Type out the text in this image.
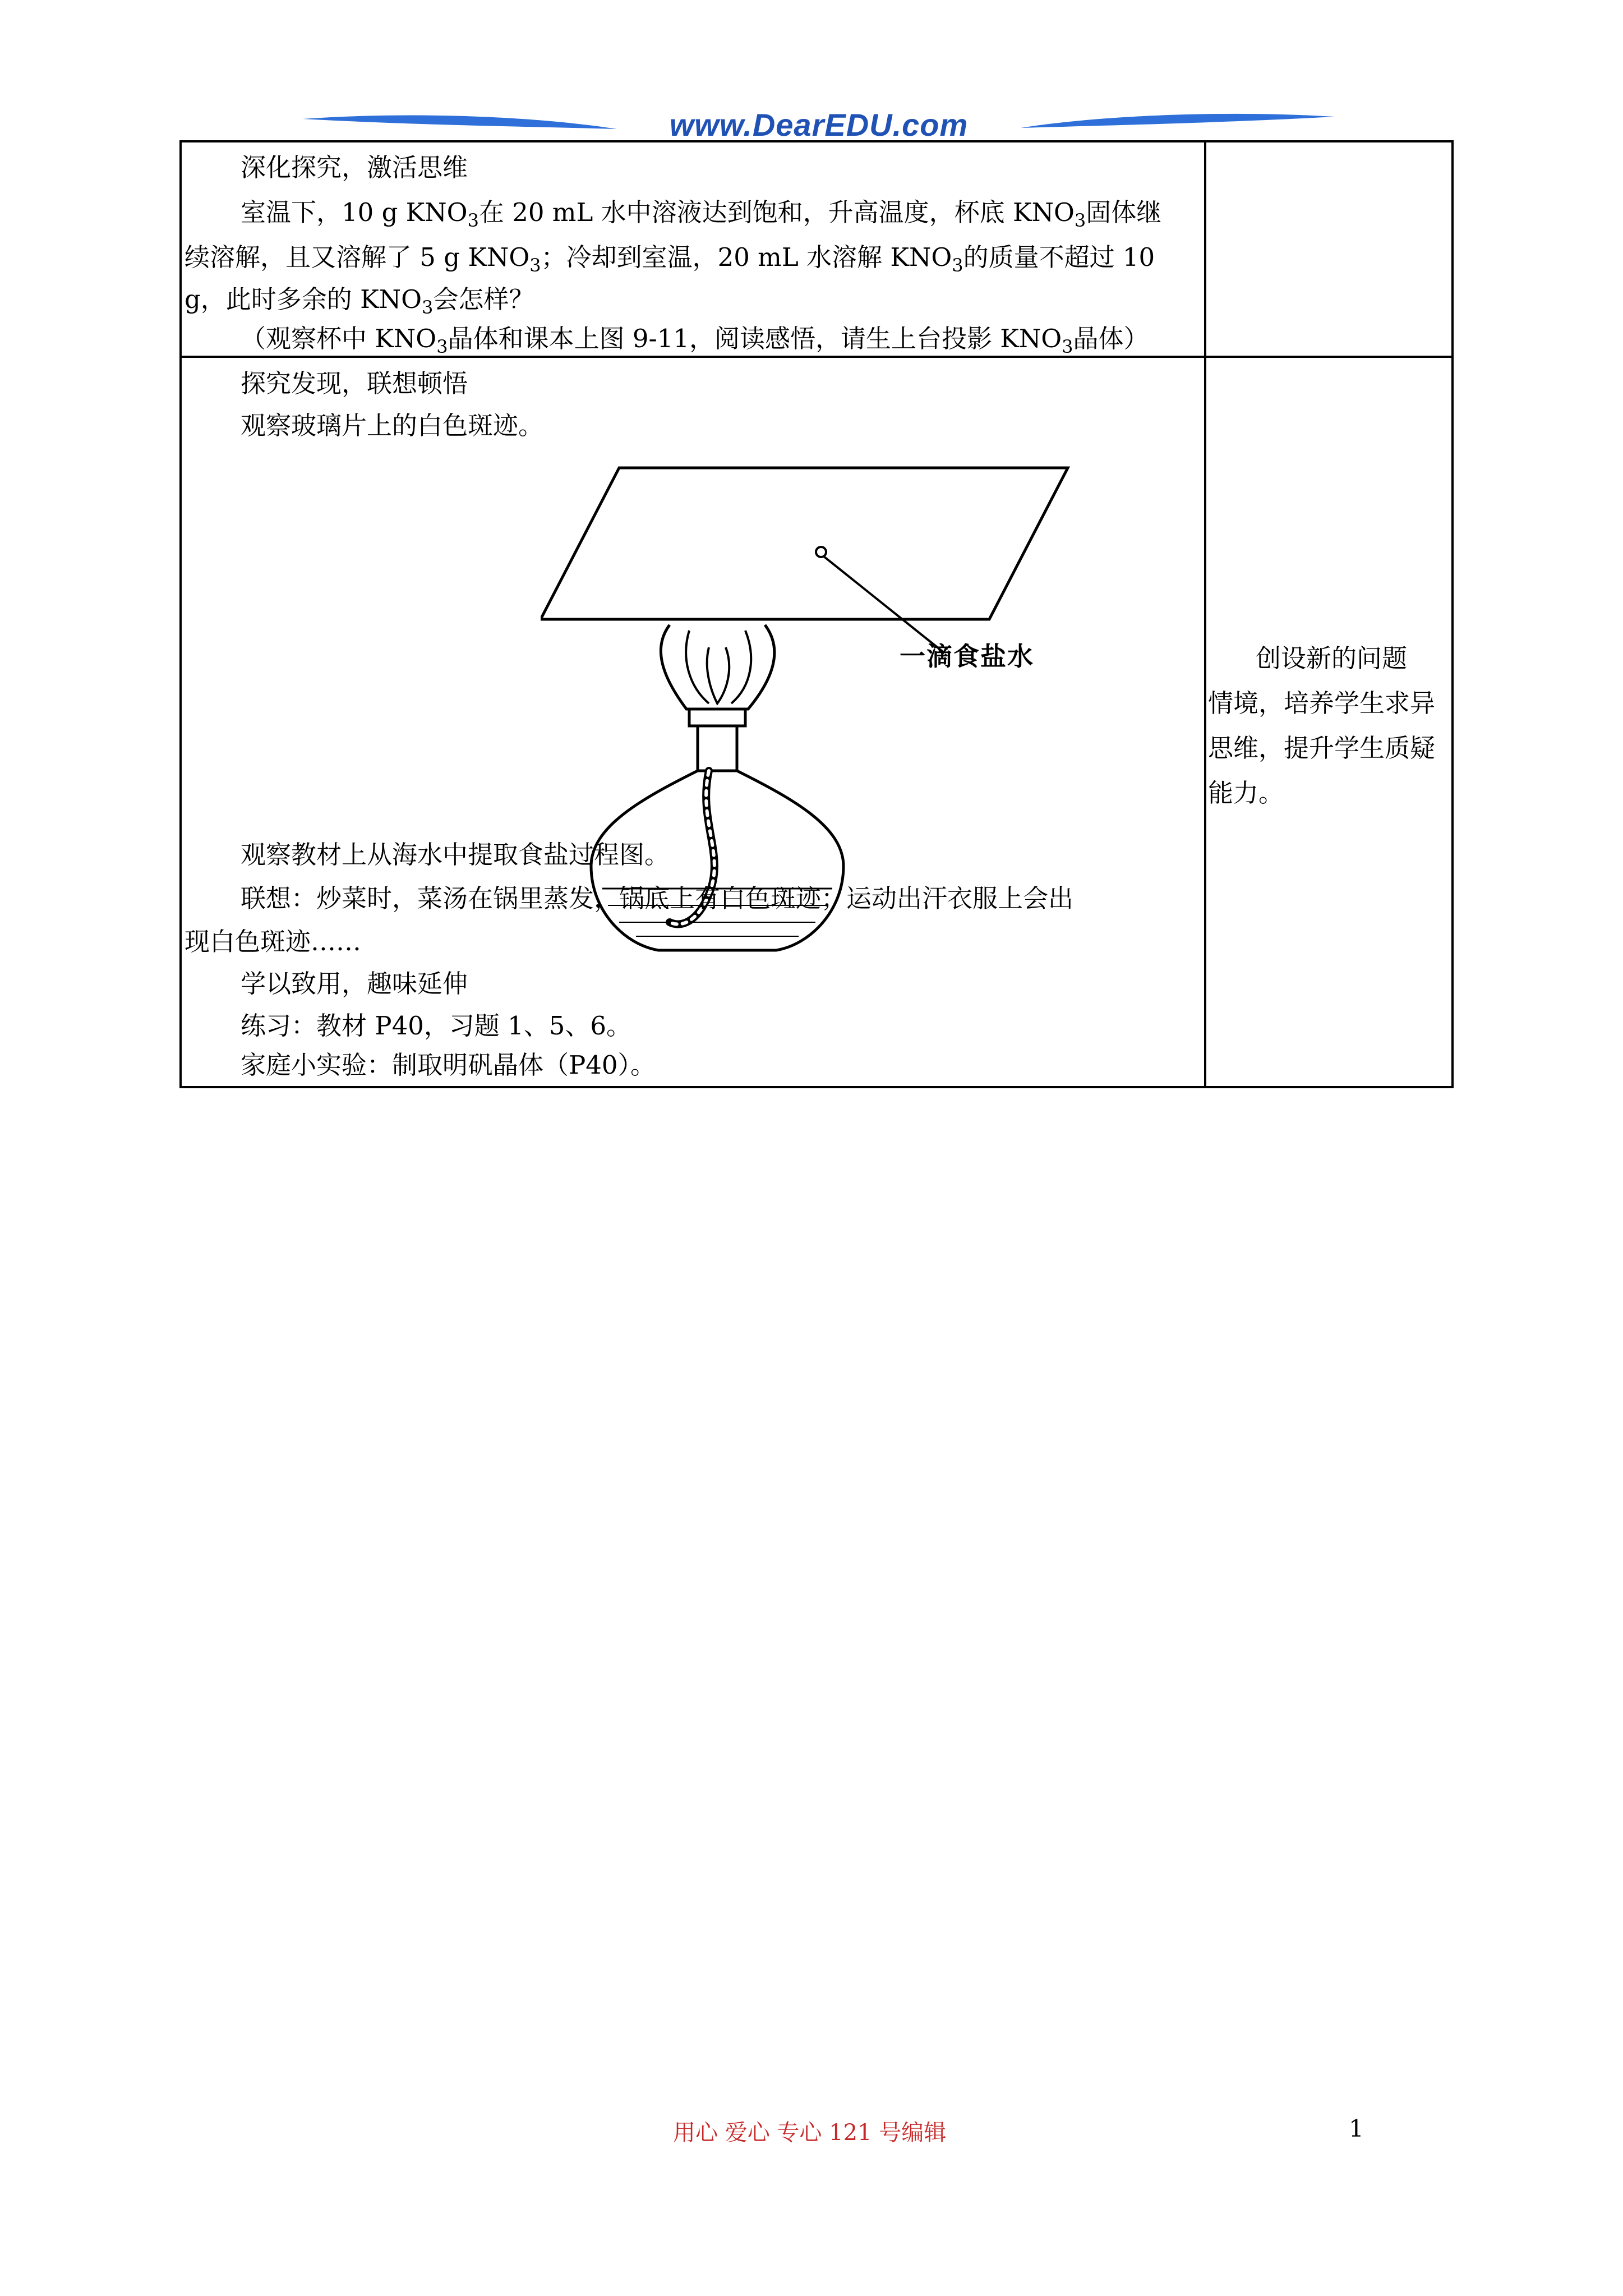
www.DearEDU.com
深化探究，激活思维
室温下，10 g $KNO_3$在 20 mL 水中溶液达到饱和，升高温度，杯底 $KNO_3$固体继
续溶解，且又溶解了 5 g $KNO_3$；冷却到室温，20 mL 水溶解 $KNO_3$的质量不超过 10
g，此时多余的 $KNO_3$会怎样？
（观察杯中 $KNO_3$晶体和课本上图 9-11，阅读感悟，请生上台投影 $KNO_3$晶体）
探究发现，联想顿悟
观察玻璃片上的白色斑迹。
一滴食盐水
观察教材上从海水中提取食盐过程图。
联想：炒菜时，菜汤在锅里蒸发，锅底上有白色斑迹；运动出汗衣服上会出
现白色斑迹……
学以致用，趣味延伸
练习：教材 P40，习题 1、5、6。
家庭小实验：制取明矾晶体（P40）。
创设新的问题
情境，培养学生求异
思维，提升学生质疑
能力。
用心 爱心 专心 121 号编辑	1
